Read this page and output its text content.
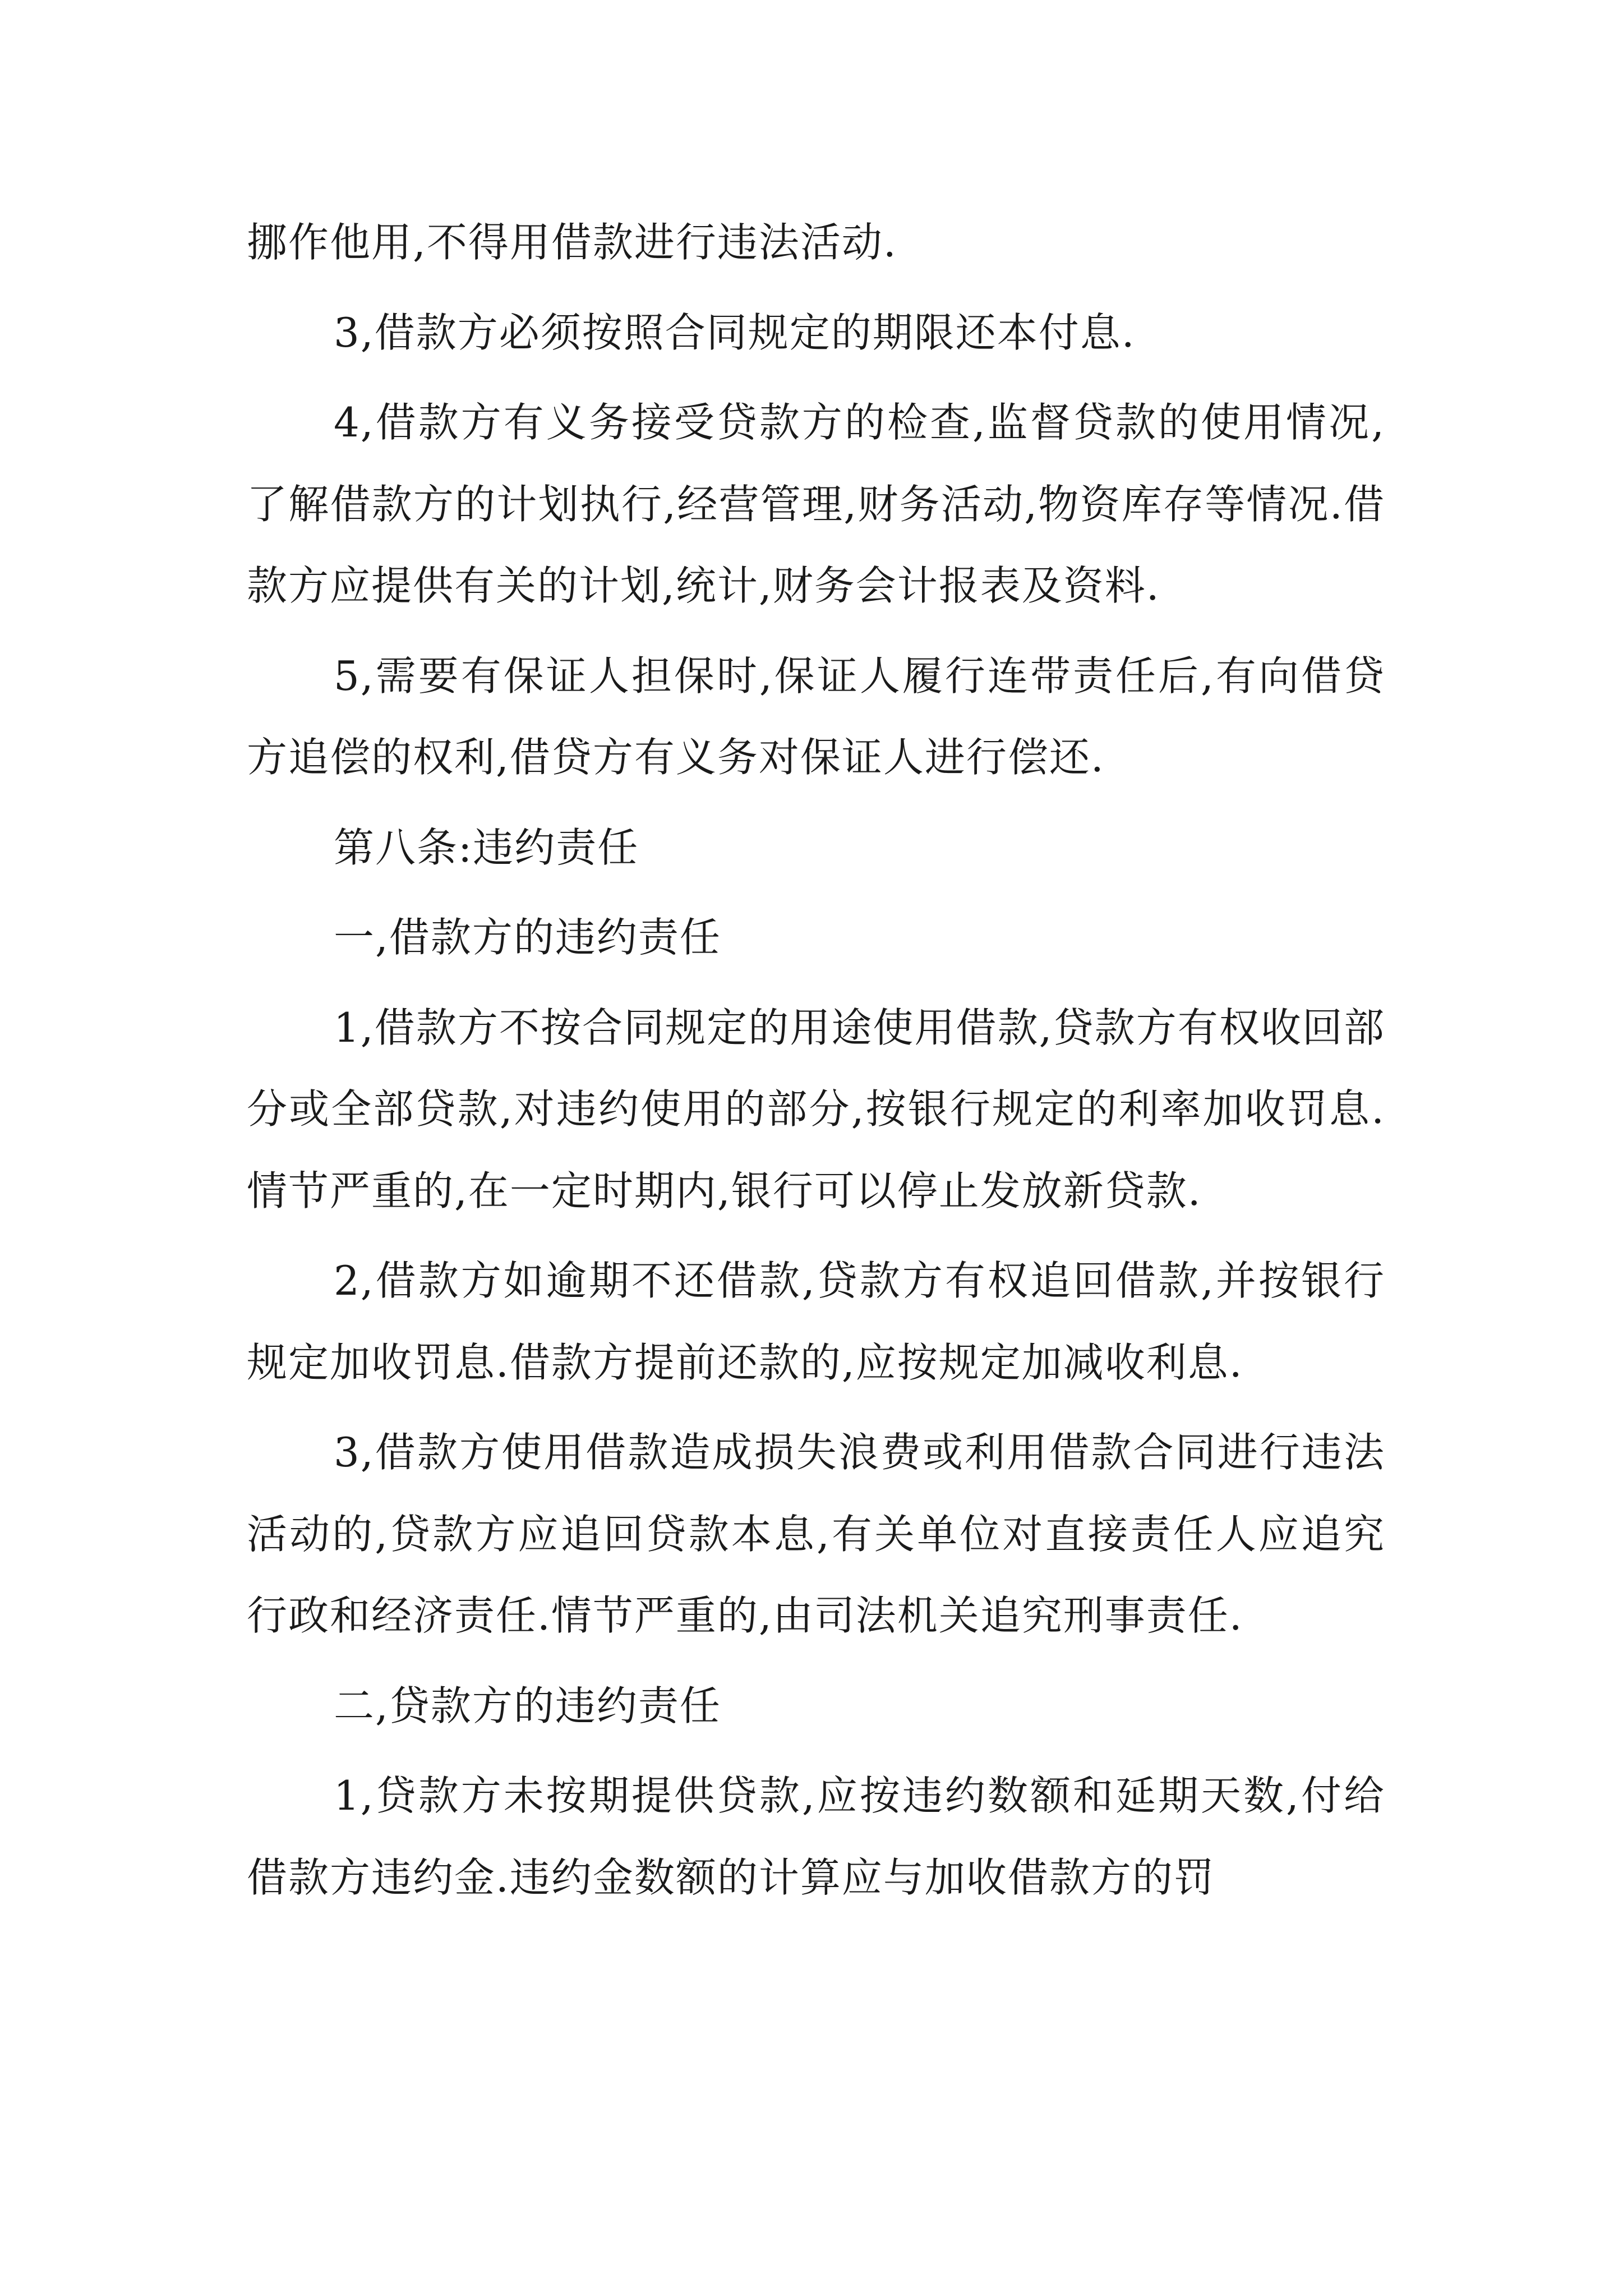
挪作他用,不得用借款进行违法活动.

3,借款方必须按照合同规定的期限还本付息.

4,借款方有义务接受贷款方的检查,监督贷款的使用情况,了解借款方的计划执行,经营管理,财务活动,物资库存等情况.借款方应提供有关的计划,统计,财务会计报表及资料.

5,需要有保证人担保时,保证人履行连带责任后,有向借贷方追偿的权利,借贷方有义务对保证人进行偿还.

第八条:违约责任

一,借款方的违约责任

1,借款方不按合同规定的用途使用借款,贷款方有权收回部分或全部贷款,对违约使用的部分,按银行规定的利率加收罚息.情节严重的,在一定时期内,银行可以停止发放新贷款.

2,借款方如逾期不还借款,贷款方有权追回借款,并按银行规定加收罚息.借款方提前还款的,应按规定加减收利息.

3,借款方使用借款造成损失浪费或利用借款合同进行违法活动的,贷款方应追回贷款本息,有关单位对直接责任人应追究行政和经济责任.情节严重的,由司法机关追究刑事责任.

二,贷款方的违约责任

1,贷款方未按期提供贷款,应按违约数额和延期天数,付给借款方违约金.违约金数额的计算应与加收借款方的罚
